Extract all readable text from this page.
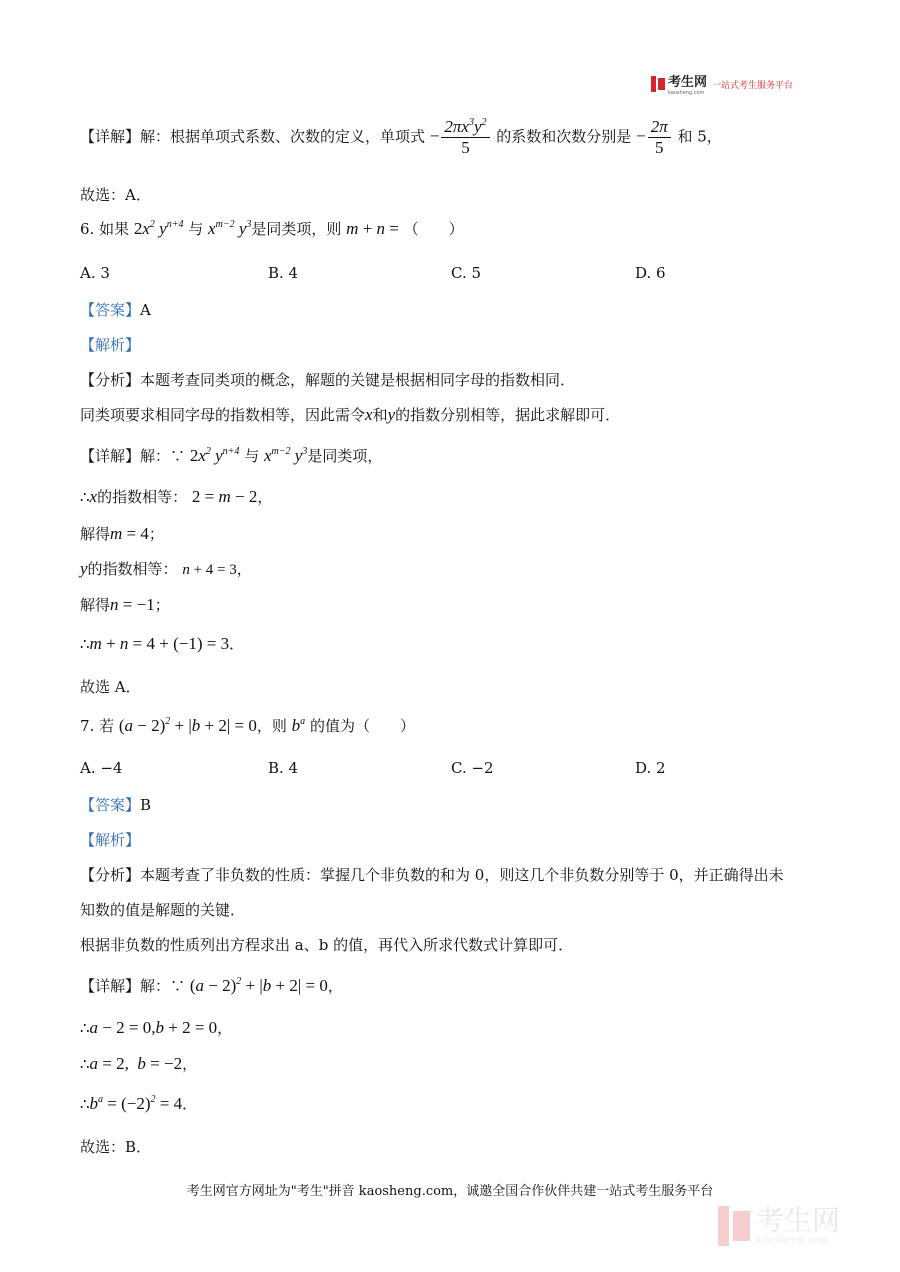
考生网
kaosheng.com
一站式考生服务平台
【详解】解：根据单项式系数、次数的定义，单项式 − $\frac{2\pi x^3y^2}{5}$ 的系数和次数分别是 − $\frac{2\pi}{5}$ 和 5，
故选：A．
6. 如果 $2x^2$ $y^{n+4}$ 与 $x^{m-2}$ $y^3$是同类项，则 m + n = （　　）
A. 3	B. 4	C. 5	D. 6
【答案】A
【解析】
【分析】本题考查同类项的概念，解题的关键是根据相同字母的指数相同．
同类项要求相同字母的指数相等，因此需令x和y的指数分别相等，据此求解即可．
【详解】解：∵ $2x^2$ $y^{n+4}$ 与 $x^{m-2}$ $y^3$是同类项，
∴x的指数相等： 2 = m − 2，
解得m = 4；
y的指数相等： n + 4 = 3，
解得n = −1；
∴m + n = 4 + (−1) = 3．
故选 A．
7. 若 $(a - 2)^2 + |b + 2| = 0$，则 $b^a$ 的值为（　　）
A. −4	B. 4	C. −2	D. 2
【答案】B
【解析】
【分析】本题考查了非负数的性质：掌握几个非负数的和为 0，则这几个非负数分别等于 0，并正确得出未
知数的值是解题的关键．
根据非负数的性质列出方程求出 a、b 的值，再代入所求代数式计算即可．
【详解】解：∵ $(a - 2)^2 + |b + 2| = 0$，
∴a − 2 = 0,b + 2 = 0，
∴a = 2,  b = −2，
$\therefore b^a = (-2)^2 = 4$．
故选：B．
考生网官方网址为"考生"拼音 kaosheng.com，诚邀全国合作伙伴共建一站式考生服务平台
考生网
kaosheng.com
